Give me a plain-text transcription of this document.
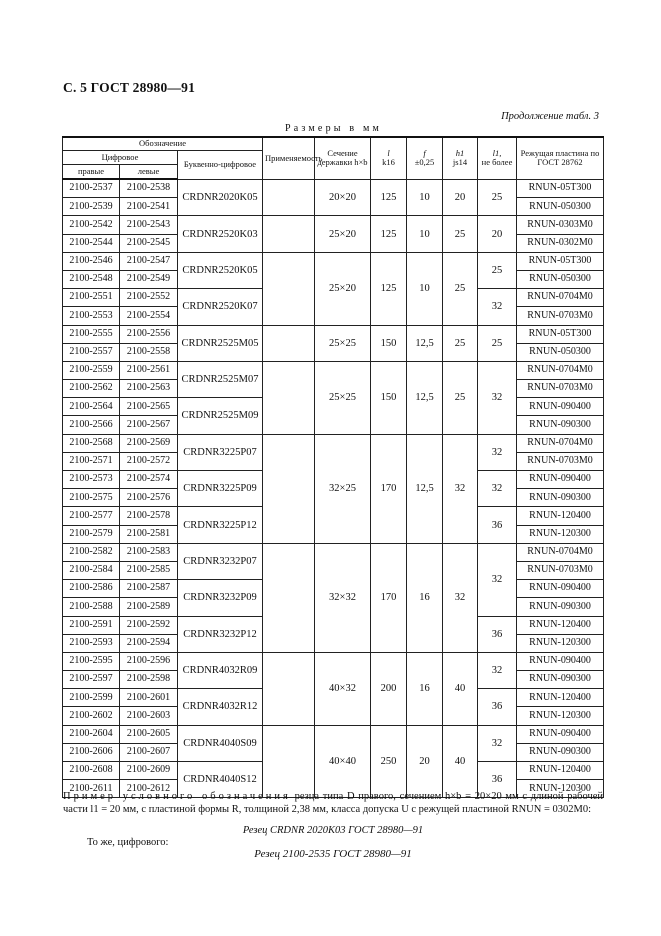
С. 5 ГОСТ 28980—91
Продолжение табл. 3
Размеры в мм
Обозначение			Применяемость	Сечение державки h×b	l
k16	f
±0,25	h1
js14	l1,
не более	Режущая пластина по ГОСТ 28762
Цифровое		Буквенно-цифровое							
правые	левые								
2100-2537	2100-2538	CRDNR2020K05		20×20	125	10	20	25	RNUN-05T300
2100-2539	2100-2541								RNUN-050300
2100-2542	2100-2543	CRDNR2520K03		25×20	125	10	25	20	RNUN-0303M0
2100-2544	2100-2545								RNUN-0302M0
2100-2546	2100-2547	CRDNR2520K05		25×20	125	10	25	25	RNUN-05T300
2100-2548	2100-2549								RNUN-050300
2100-2551	2100-2552	CRDNR2520K07						32	RNUN-0704M0
2100-2553	2100-2554								RNUN-0703M0
2100-2555	2100-2556	CRDNR2525M05		25×25	150	12,5	25	25	RNUN-05T300
2100-2557	2100-2558								RNUN-050300
2100-2559	2100-2561	CRDNR2525M07		25×25	150	12,5	25	32	RNUN-0704M0
2100-2562	2100-2563								RNUN-0703M0
2100-2564	2100-2565	CRDNR2525M09							RNUN-090400
2100-2566	2100-2567								RNUN-090300
2100-2568	2100-2569	CRDNR3225P07		32×25	170	12,5	32	32	RNUN-0704M0
2100-2571	2100-2572								RNUN-0703M0
2100-2573	2100-2574	CRDNR3225P09						32	RNUN-090400
2100-2575	2100-2576								RNUN-090300
2100-2577	2100-2578	CRDNR3225P12						36	RNUN-120400
2100-2579	2100-2581								RNUN-120300
2100-2582	2100-2583	CRDNR3232P07		32×32	170	16	32	32	RNUN-0704M0
2100-2584	2100-2585								RNUN-0703M0
2100-2586	2100-2587	CRDNR3232P09							RNUN-090400
2100-2588	2100-2589								RNUN-090300
2100-2591	2100-2592	CRDNR3232P12						36	RNUN-120400
2100-2593	2100-2594								RNUN-120300
2100-2595	2100-2596	CRDNR4032R09		40×32	200	16	40	32	RNUN-090400
2100-2597	2100-2598								RNUN-090300
2100-2599	2100-2601	CRDNR4032R12						36	RNUN-120400
2100-2602	2100-2603								RNUN-120300
2100-2604	2100-2605	CRDNR4040S09		40×40	250	20	40	32	RNUN-090400
2100-2606	2100-2607								RNUN-090300
2100-2608	2100-2609	CRDNR4040S12						36	RNUN-120400
2100-2611	2100-2612								RNUN-120300
Пример условного обозначения резца типа D правого, сечением h×b = 20×20 мм с длиной рабочей части l1 = 20 мм, с пластиной формы R, толщиной 2,38 мм, класса допуска U с режущей пластиной RNUN = 0302M0:
Резец CRDNR 2020K03 ГОСТ 28980—91
То же, цифрового:
Резец 2100-2535 ГОСТ 28980—91
